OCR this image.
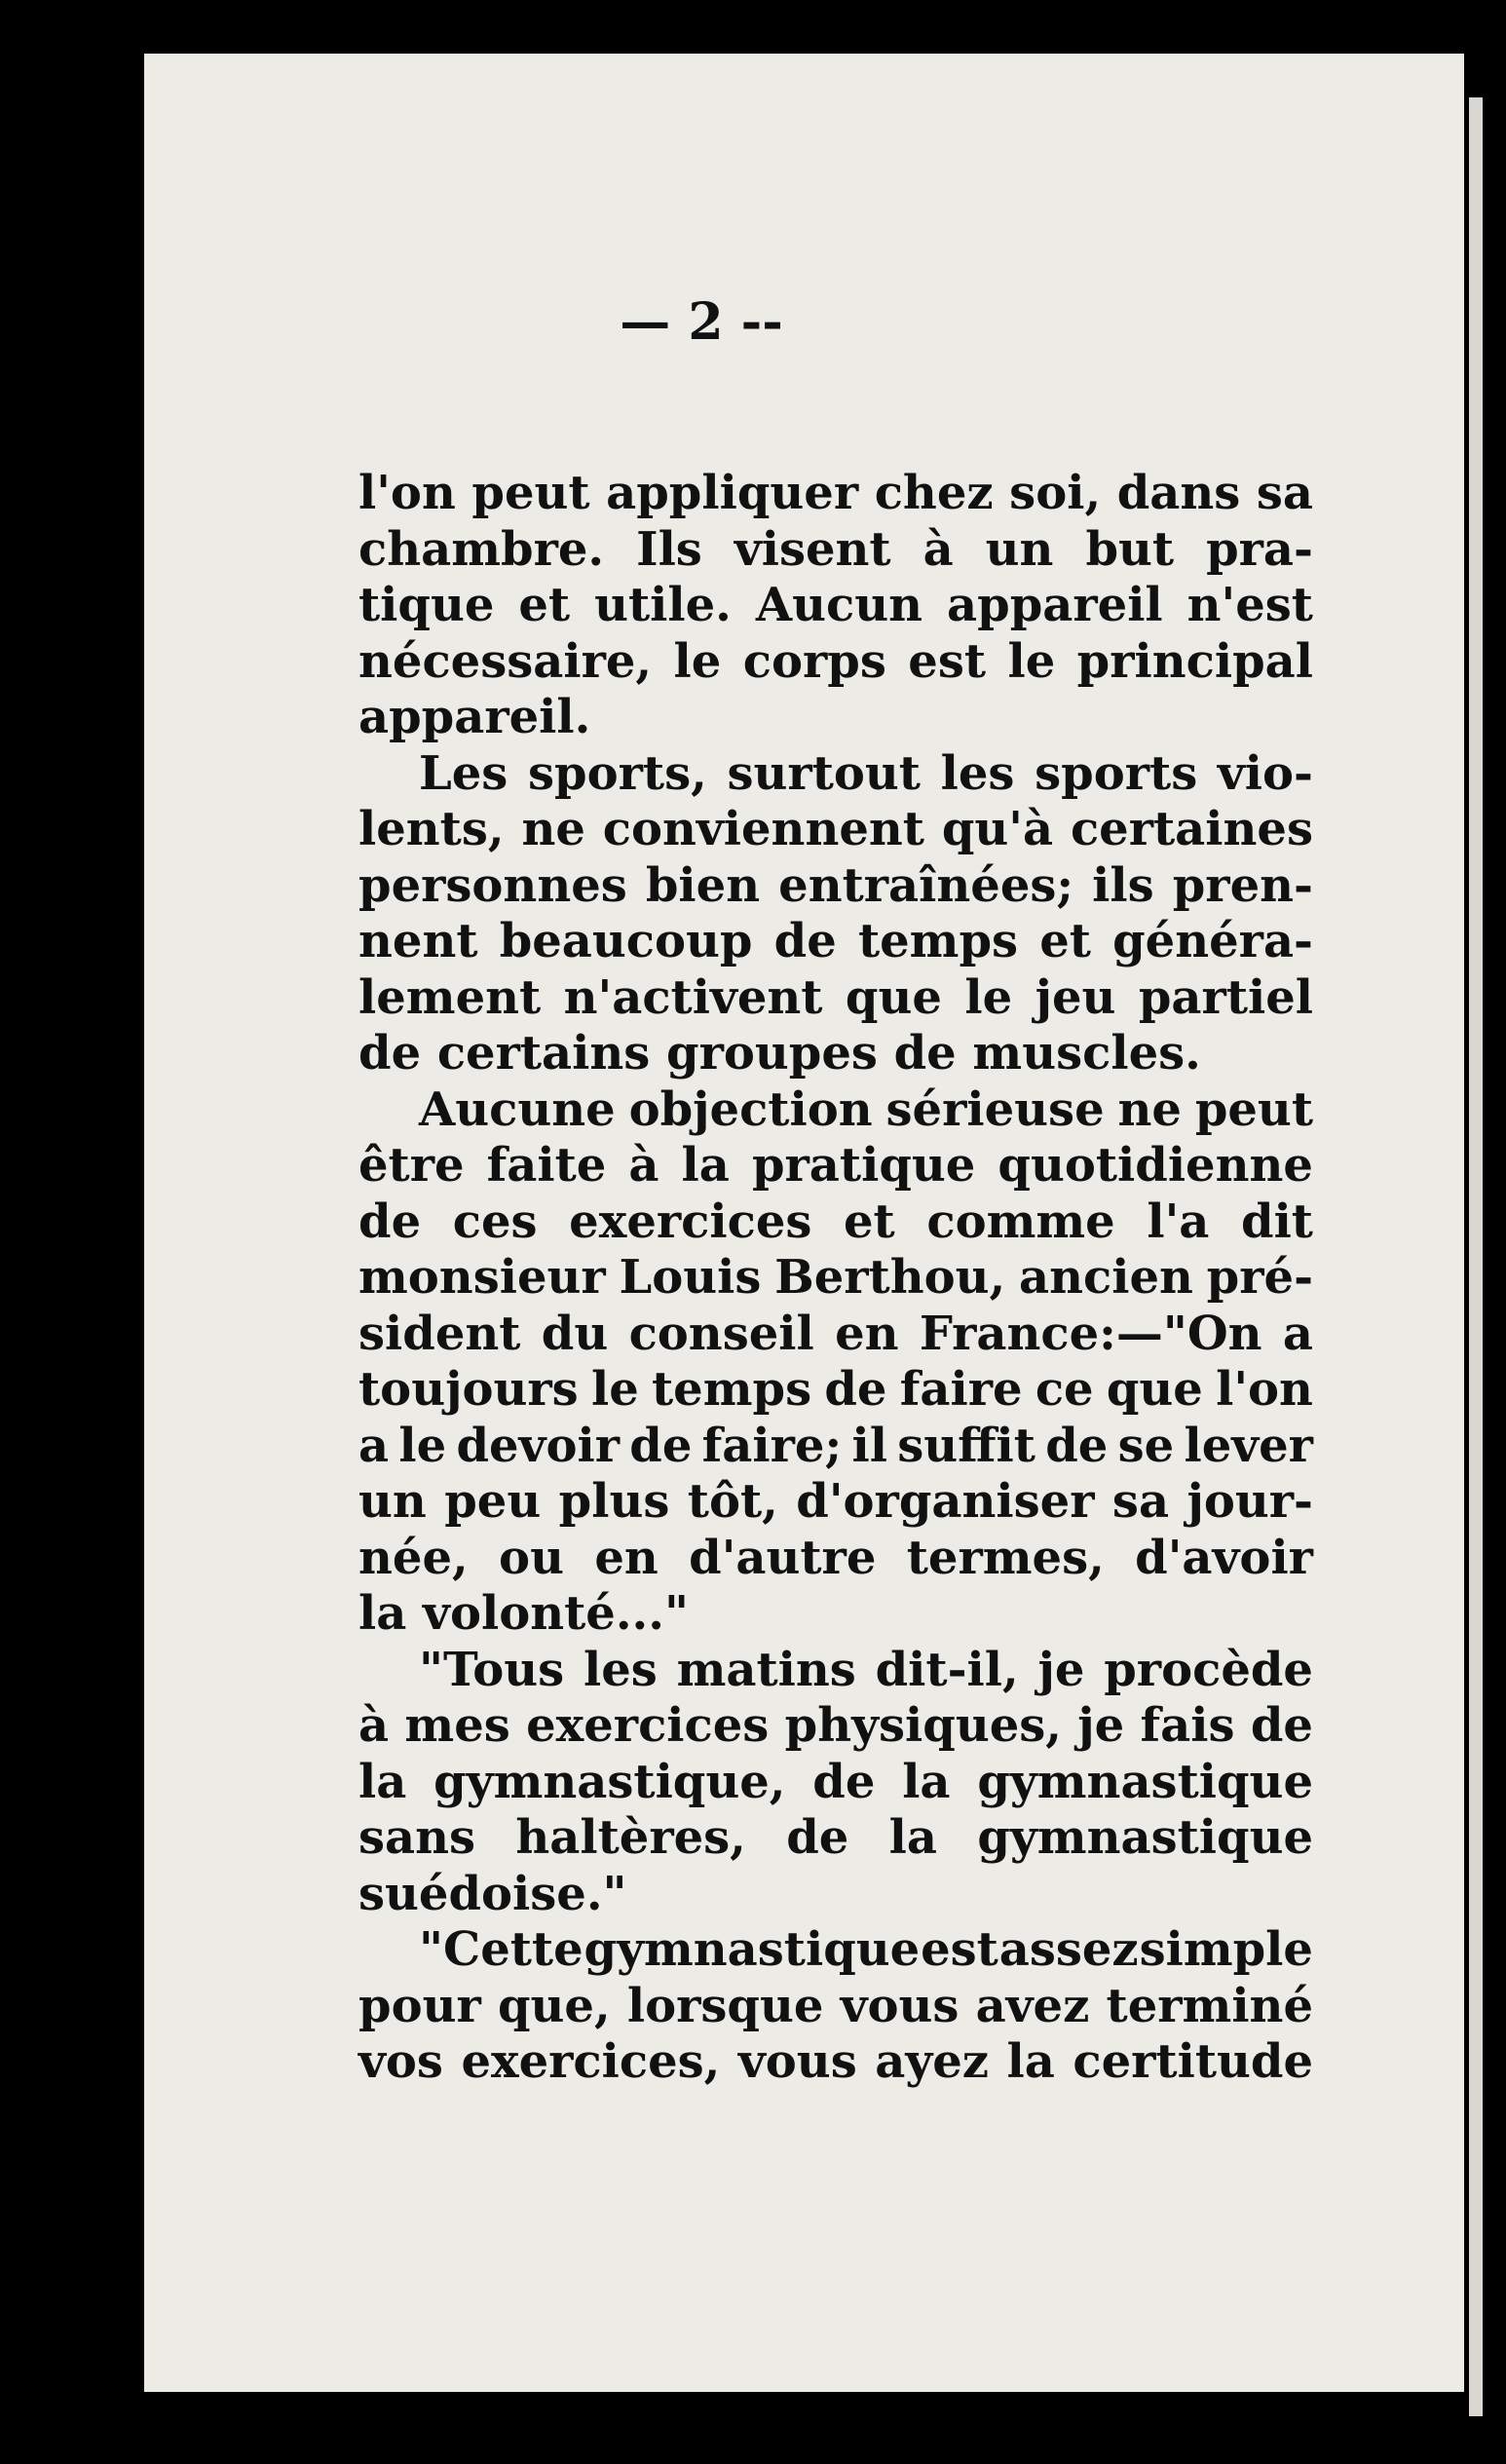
— 2 --
l'on peut appliquer chez soi, dans sa
chambre. Ils visent à un but pra-
tique et utile. Aucun appareil n'est
nécessaire, le corps est le principal
appareil.
Les sports, surtout les sports vio-
lents, ne conviennent qu'à certaines
personnes bien entraînées; ils pren-
nent beaucoup de temps et généra-
lement n'activent que le jeu partiel
de certains groupes de muscles.
Aucune objection sérieuse ne peut
être faite à la pratique quotidienne
de ces exercices et comme l'a dit
monsieur Louis Berthou, ancien pré-
sident du conseil en France:—"On a
toujours le temps de faire ce que l'on
a le devoir de faire; il suffit de se lever
un peu plus tôt, d'organiser sa jour-
née, ou en d'autre termes, d'avoir
la volonté..."
"Tous les matins dit-il, je procède
à mes exercices physiques, je fais de
la gymnastique, de la gymnastique
sans haltères, de la gymnastique
suédoise."
"Cette gymnastique est assez simple
pour que, lorsque vous avez terminé
vos exercices, vous ayez la certitude
